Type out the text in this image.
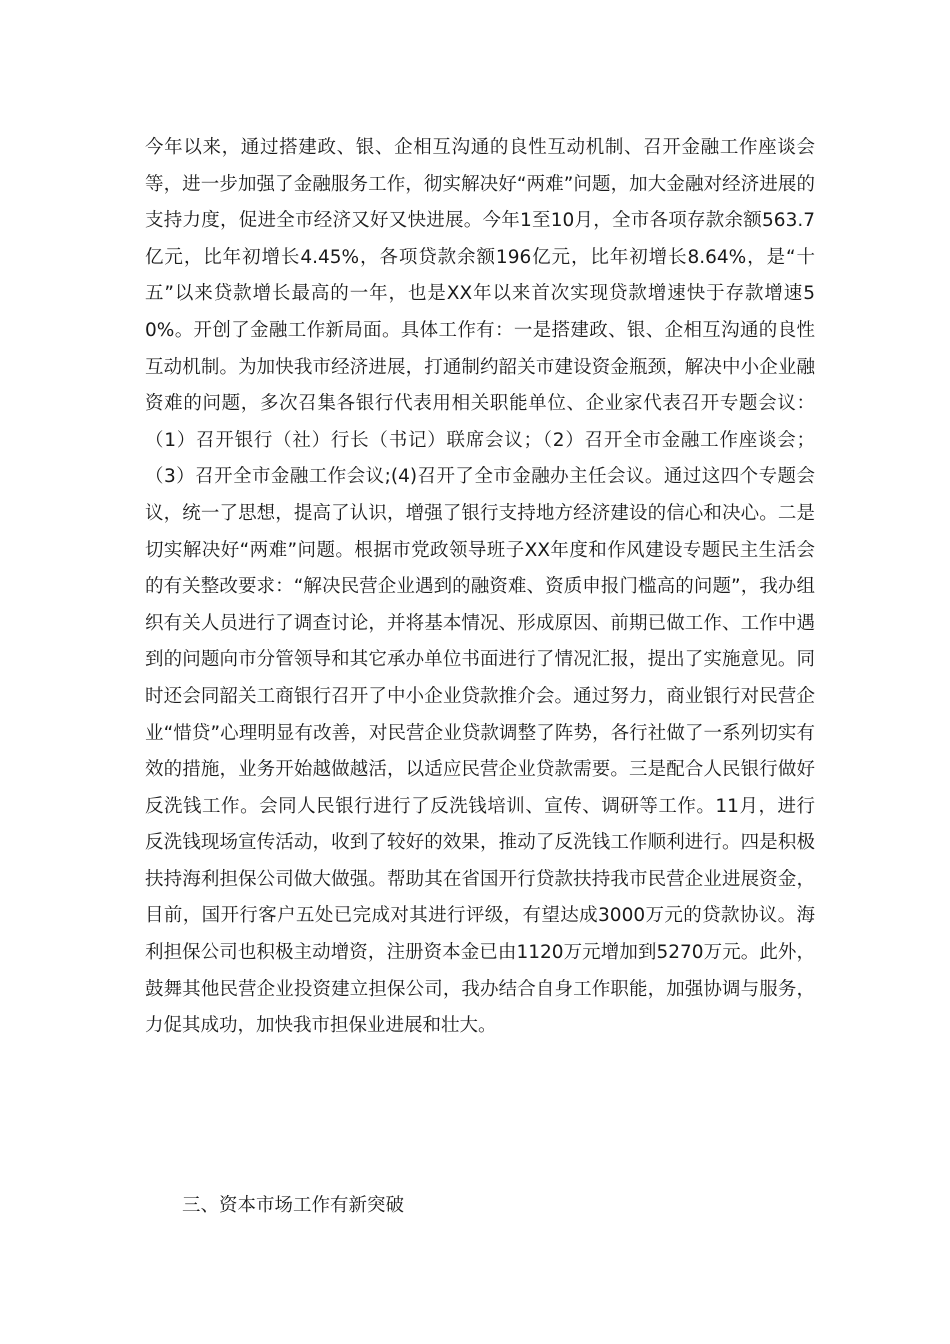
今年以来，通过搭建政、银、企相互沟通的良性互动机制、召开金融工作座谈会等，进一步加强了金融服务工作，彻实解决好“两难”问题，加大金融对经济进展的支持力度，促进全市经济又好又快进展。今年1至10月，全市各项存款余额563.7亿元，比年初增长4.45%，各项贷款余额196亿元，比年初增长8.64%，是“十五”以来贷款增长最高的一年，也是XX年以来首次实现贷款增速快于存款增速50%。开创了金融工作新局面。具体工作有：一是搭建政、银、企相互沟通的良性互动机制。为加快我市经济进展，打通制约韶关市建设资金瓶颈，解决中小企业融资难的问题，多次召集各银行代表用相关职能单位、企业家代表召开专题会议：（1）召开银行（社）行长（书记）联席会议；（2）召开全市金融工作座谈会；（3）召开全市金融工作会议;(4)召开了全市金融办主任会议。通过这四个专题会议，统一了思想，提高了认识，增强了银行支持地方经济建设的信心和决心。二是切实解决好“两难”问题。根据市党政领导班子XX年度和作风建设专题民主生活会的有关整改要求：“解决民营企业遇到的融资难、资质申报门槛高的问题”，我办组织有关人员进行了调查讨论，并将基本情况、形成原因、前期已做工作、工作中遇到的问题向市分管领导和其它承办单位书面进行了情况汇报，提出了实施意见。同时还会同韶关工商银行召开了中小企业贷款推介会。通过努力，商业银行对民营企业“惜贷”心理明显有改善，对民营企业贷款调整了阵势，各行社做了一系列切实有效的措施，业务开始越做越活，以适应民营企业贷款需要。三是配合人民银行做好反洗钱工作。会同人民银行进行了反洗钱培训、宣传、调研等工作。11月，进行反洗钱现场宣传活动，收到了较好的效果，推动了反洗钱工作顺利进行。四是积极扶持海利担保公司做大做强。帮助其在省国开行贷款扶持我市民营企业进展资金，目前，国开行客户五处已完成对其进行评级，有望达成3000万元的贷款协议。海利担保公司也积极主动增资，注册资本金已由1120万元增加到5270万元。此外，鼓舞其他民营企业投资建立担保公司，我办结合自身工作职能，加强协调与服务，力促其成功，加快我市担保业进展和壮大。

三、资本市场工作有新突破
